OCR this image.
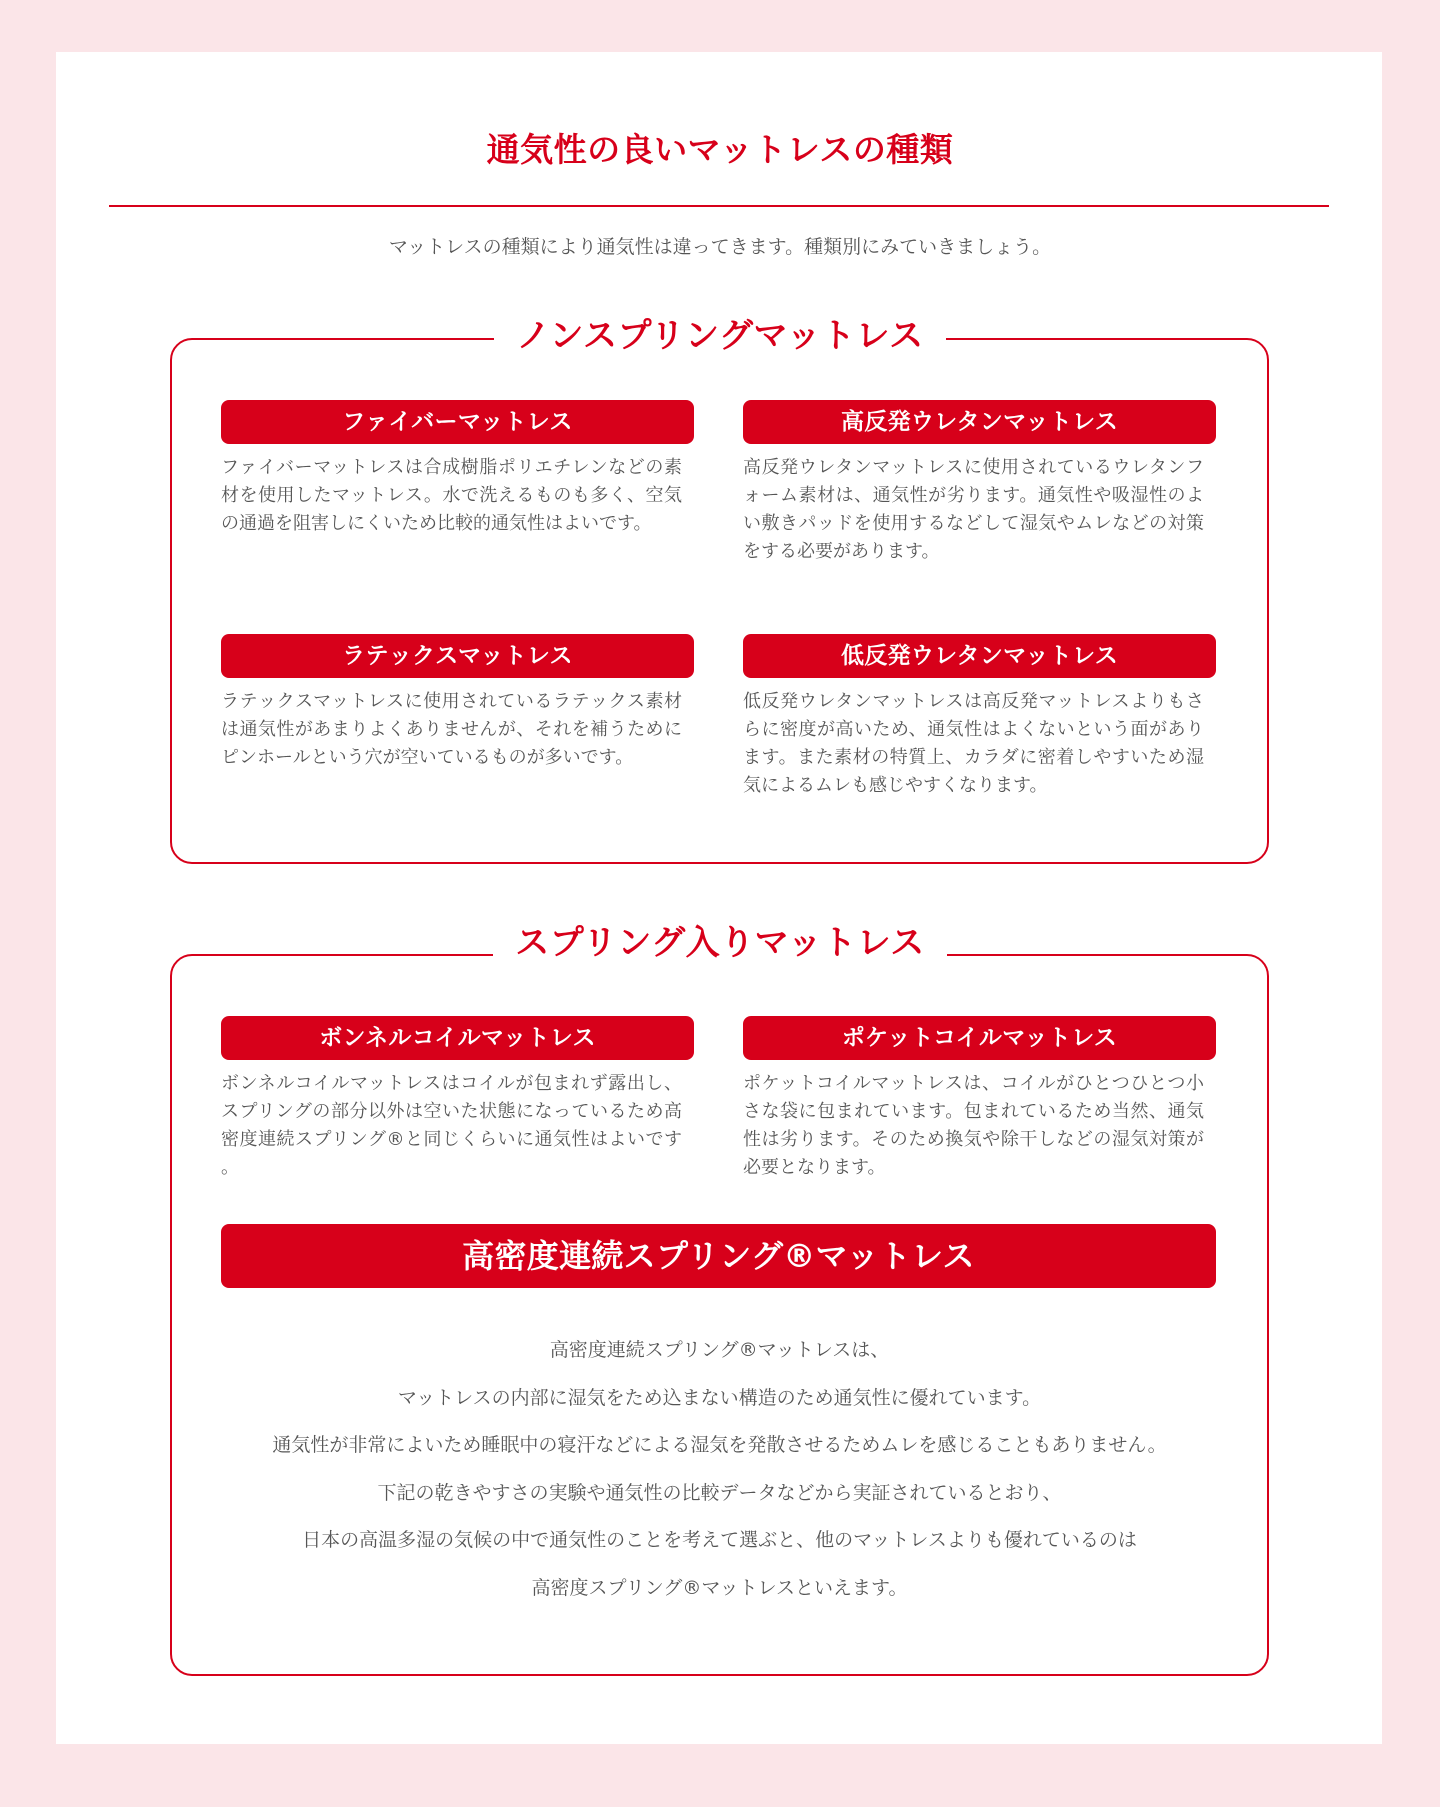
通気性の良いマットレスの種類

マットレスの種類により通気性は違ってきます。種類別にみていきましょう。

ノンスプリングマットレス
ファイバーマットレス

ファイバーマットレスは合成樹脂ポリエチレンなどの素材を使用したマットレス。水で洗えるものも多く、空気の通過を阻害しにくいため比較的通気性はよいです。

高反発ウレタンマットレス

高反発ウレタンマットレスに使用されているウレタンフォーム素材は、通気性が劣ります。通気性や吸湿性のよい敷きパッドを使用するなどして湿気やムレなどの対策をする必要があります。

ラテックスマットレス

ラテックスマットレスに使用されているラテックス素材は通気性があまりよくありませんが、それを補うためにピンホールという穴が空いているものが多いです。

低反発ウレタンマットレス

低反発ウレタンマットレスは高反発マットレスよりもさらに密度が高いため、通気性はよくないという面があります。また素材の特質上、カラダに密着しやすいため湿気によるムレも感じやすくなります。

スプリング入りマットレス
ボンネルコイルマットレス

ボンネルコイルマットレスはコイルが包まれず露出し、スプリングの部分以外は空いた状態になっているため高密度連続スプリング®と同じくらいに通気性はよいです。

ポケットコイルマットレス

ポケットコイルマットレスは、コイルがひとつひとつ小さな袋に包まれています。包まれているため当然、通気性は劣ります。そのため換気や除干しなどの湿気対策が必要となります。

高密度連続スプリング®マットレス

高密度連続スプリング®マットレスは、

マットレスの内部に湿気をため込まない構造のため通気性に優れています。

通気性が非常によいため睡眠中の寝汗などによる湿気を発散させるためムレを感じることもありません。

下記の乾きやすさの実験や通気性の比較データなどから実証されているとおり、

日本の高温多湿の気候の中で通気性のことを考えて選ぶと、他のマットレスよりも優れているのは

高密度スプリング®マットレスといえます。
